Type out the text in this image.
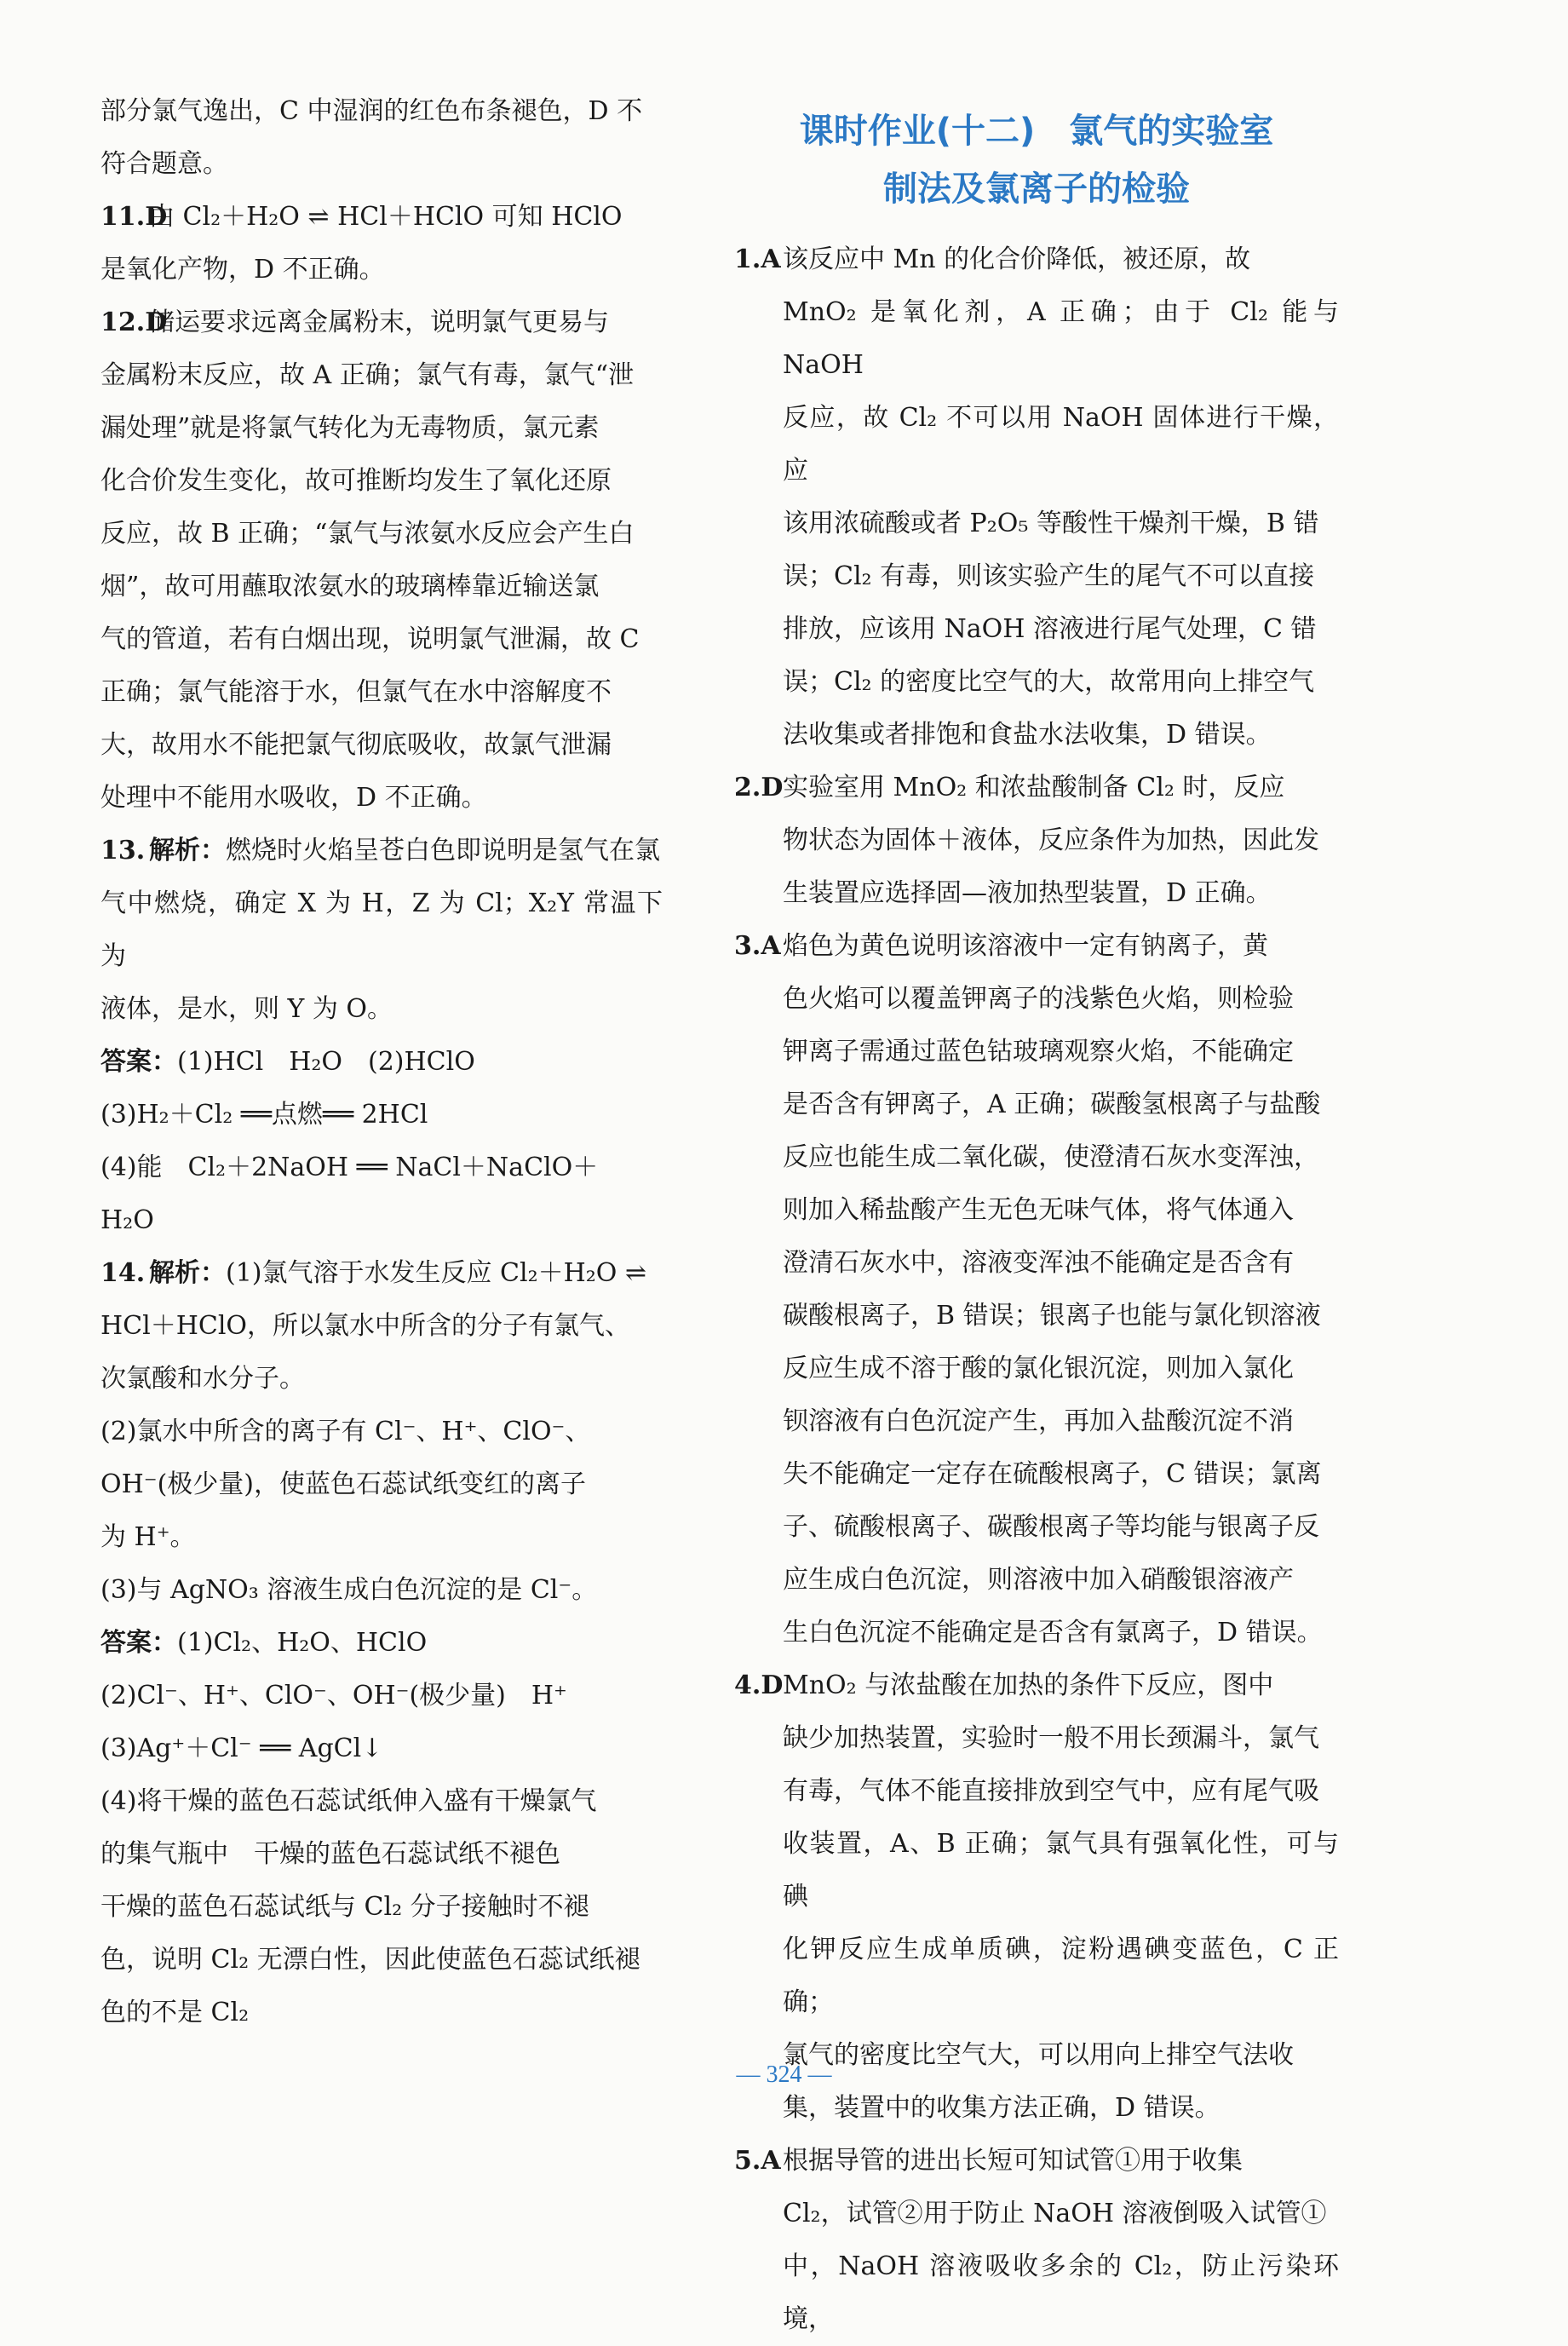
部分氯气逸出，C 中湿润的红色布条褪色，D 不
符合题意。
11.D
由 Cl₂＋H₂O ⇌ HCl＋HClO 可知 HClO
是氧化产物，D 不正确。
12.D
储运要求远离金属粉末，说明氯气更易与
金属粉末反应，故 A 正确；氯气有毒，氯气“泄
漏处理”就是将氯气转化为无毒物质，氯元素
化合价发生变化，故可推断均发生了氧化还原
反应，故 B 正确；“氯气与浓氨水反应会产生白
烟”，故可用蘸取浓氨水的玻璃棒靠近输送氯
气的管道，若有白烟出现，说明氯气泄漏，故 C
正确；氯气能溶于水，但氯气在水中溶解度不
大，故用水不能把氯气彻底吸收，故氯气泄漏
处理中不能用水吸收，D 不正确。
13. 解析：燃烧时火焰呈苍白色即说明是氢气在氯
气中燃烧，确定 X 为 H，Z 为 Cl；X₂Y 常温下为
液体，是水，则 Y 为 O。
答案：(1)HCl　H₂O　(2)HClO
(3)H₂＋Cl₂ ══点燃══ 2HCl
(4)能　Cl₂＋2NaOH ══ NaCl＋NaClO＋
H₂O
14. 解析：(1)氯气溶于水发生反应 Cl₂＋H₂O ⇌
HCl＋HClO，所以氯水中所含的分子有氯气、
次氯酸和水分子。
(2)氯水中所含的离子有 Cl⁻、H⁺、ClO⁻、
OH⁻(极少量)，使蓝色石蕊试纸变红的离子
为 H⁺。
(3)与 AgNO₃ 溶液生成白色沉淀的是 Cl⁻。
答案：(1)Cl₂、H₂O、HClO
(2)Cl⁻、H⁺、ClO⁻、OH⁻(极少量)　H⁺
(3)Ag⁺＋Cl⁻ ══ AgCl↓
(4)将干燥的蓝色石蕊试纸伸入盛有干燥氯气
的集气瓶中　干燥的蓝色石蕊试纸不褪色
干燥的蓝色石蕊试纸与 Cl₂ 分子接触时不褪
色，说明 Cl₂ 无漂白性，因此使蓝色石蕊试纸褪
色的不是 Cl₂
课时作业(十二)　氯气的实验室
制法及氯离子的检验
1.A 该反应中 Mn 的化合价降低，被还原，故
MnO₂ 是氧化剂，A 正确；由于 Cl₂ 能与 NaOH
反应，故 Cl₂ 不可以用 NaOH 固体进行干燥，应
该用浓硫酸或者 P₂O₅ 等酸性干燥剂干燥，B 错
误；Cl₂ 有毒，则该实验产生的尾气不可以直接
排放，应该用 NaOH 溶液进行尾气处理，C 错
误；Cl₂ 的密度比空气的大，故常用向上排空气
法收集或者排饱和食盐水法收集，D 错误。
2.D 实验室用 MnO₂ 和浓盐酸制备 Cl₂ 时，反应
物状态为固体＋液体，反应条件为加热，因此发
生装置应选择固—液加热型装置，D 正确。
3.A 焰色为黄色说明该溶液中一定有钠离子，黄
色火焰可以覆盖钾离子的浅紫色火焰，则检验
钾离子需通过蓝色钴玻璃观察火焰，不能确定
是否含有钾离子，A 正确；碳酸氢根离子与盐酸
反应也能生成二氧化碳，使澄清石灰水变浑浊，
则加入稀盐酸产生无色无味气体，将气体通入
澄清石灰水中，溶液变浑浊不能确定是否含有
碳酸根离子，B 错误；银离子也能与氯化钡溶液
反应生成不溶于酸的氯化银沉淀，则加入氯化
钡溶液有白色沉淀产生，再加入盐酸沉淀不消
失不能确定一定存在硫酸根离子，C 错误；氯离
子、硫酸根离子、碳酸根离子等均能与银离子反
应生成白色沉淀，则溶液中加入硝酸银溶液产
生白色沉淀不能确定是否含有氯离子，D 错误。
4.D MnO₂ 与浓盐酸在加热的条件下反应，图中
缺少加热装置，实验时一般不用长颈漏斗，氯气
有毒，气体不能直接排放到空气中，应有尾气吸
收装置，A、B 正确；氯气具有强氧化性，可与碘
化钾反应生成单质碘，淀粉遇碘变蓝色，C 正确；
氯气的密度比空气大，可以用向上排空气法收
集，装置中的收集方法正确，D 错误。
5.A 根据导管的进出长短可知试管①用于收集
Cl₂，试管②用于防止 NaOH 溶液倒吸入试管①
中，NaOH 溶液吸收多余的 Cl₂，防止污染环境，
— 324 —
